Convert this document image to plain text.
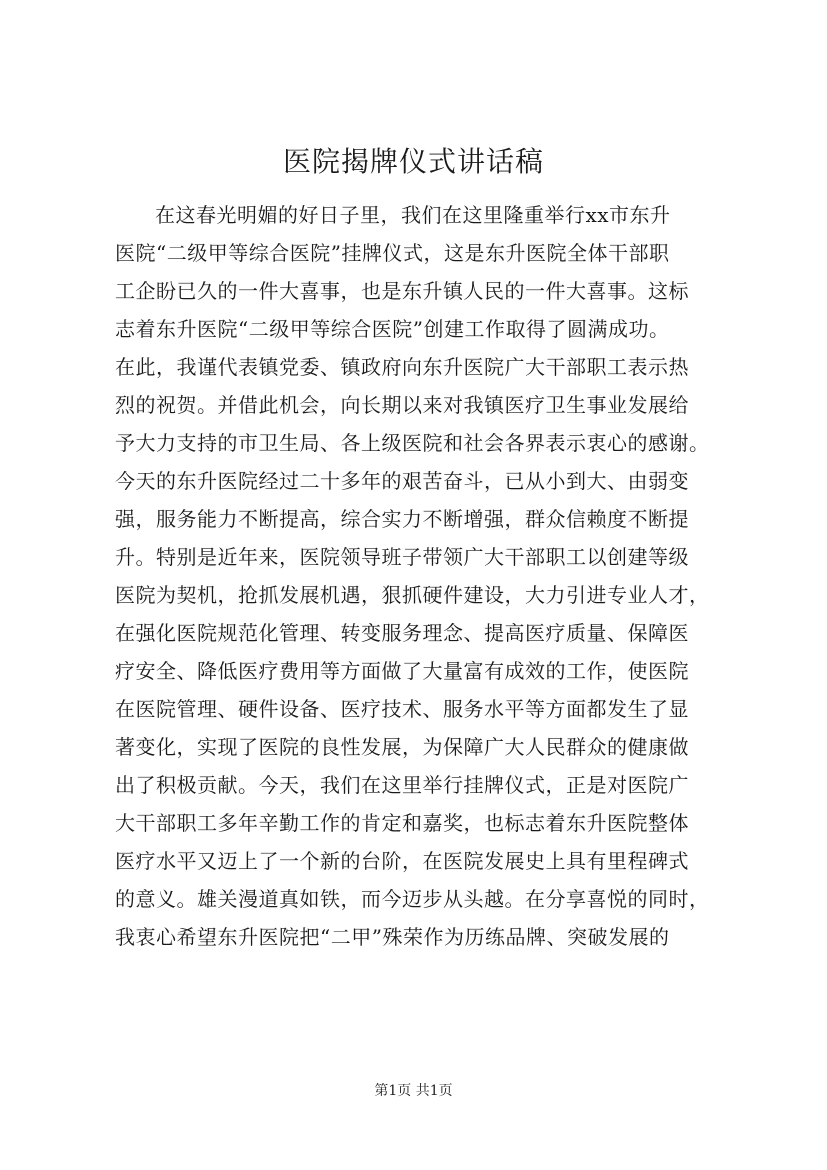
医院揭牌仪式讲话稿
在这春光明媚的好日子里，我们在这里隆重举行xx市东升
医院“二级甲等综合医院”挂牌仪式，这是东升医院全体干部职
工企盼已久的一件大喜事，也是东升镇人民的一件大喜事。这标
志着东升医院“二级甲等综合医院”创建工作取得了圆满成功。
在此，我谨代表镇党委、镇政府向东升医院广大干部职工表示热
烈的祝贺。并借此机会，向长期以来对我镇医疗卫生事业发展给
予大力支持的市卫生局、各上级医院和社会各界表示衷心的感谢。
今天的东升医院经过二十多年的艰苦奋斗，已从小到大、由弱变
强，服务能力不断提高，综合实力不断增强，群众信赖度不断提
升。特别是近年来，医院领导班子带领广大干部职工以创建等级
医院为契机，抢抓发展机遇，狠抓硬件建设，大力引进专业人才，
在强化医院规范化管理、转变服务理念、提高医疗质量、保障医
疗安全、降低医疗费用等方面做了大量富有成效的工作，使医院
在医院管理、硬件设备、医疗技术、服务水平等方面都发生了显
著变化，实现了医院的良性发展，为保障广大人民群众的健康做
出了积极贡献。今天，我们在这里举行挂牌仪式，正是对医院广
大干部职工多年辛勤工作的肯定和嘉奖，也标志着东升医院整体
医疗水平又迈上了一个新的台阶，在医院发展史上具有里程碑式
的意义。雄关漫道真如铁，而今迈步从头越。在分享喜悦的同时，
我衷心希望东升医院把“二甲”殊荣作为历练品牌、突破发展的
第1页 共1页
